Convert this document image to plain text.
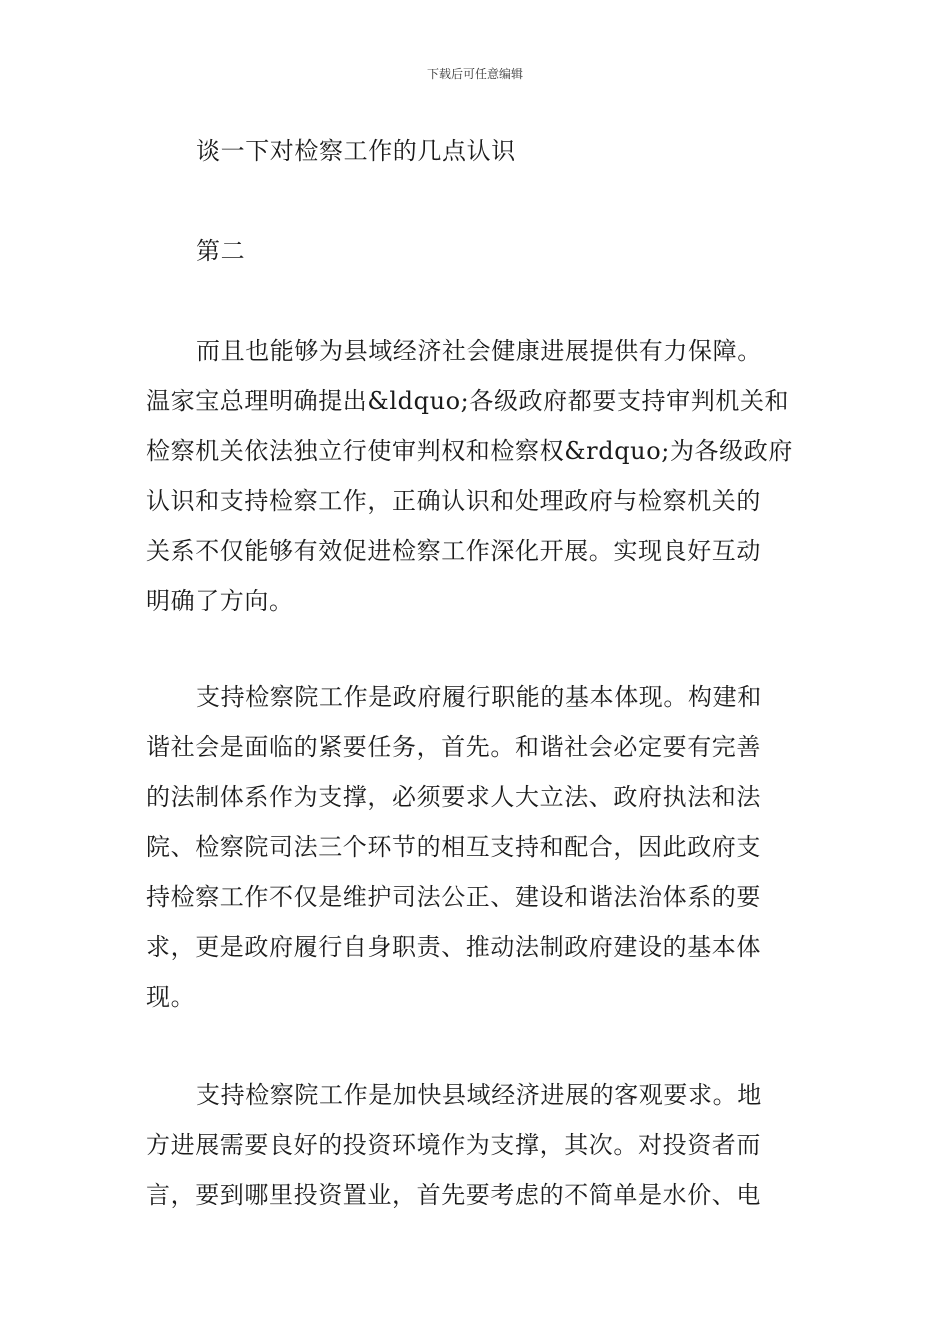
下载后可任意编辑
谈一下对检察工作的几点认识
第二
而且也能够为县域经济社会健康进展提供有力保障。
温家宝总理明确提出&ldquo;各级政府都要支持审判机关和
检察机关依法独立行使审判权和检察权&rdquo;为各级政府
认识和支持检察工作，正确认识和处理政府与检察机关的
关系不仅能够有效促进检察工作深化开展。实现良好互动
明确了方向。
支持检察院工作是政府履行职能的基本体现。构建和
谐社会是面临的紧要任务，首先。和谐社会必定要有完善
的法制体系作为支撑，必须要求人大立法、政府执法和法
院、检察院司法三个环节的相互支持和配合，因此政府支
持检察工作不仅是维护司法公正、建设和谐法治体系的要
求，更是政府履行自身职责、推动法制政府建设的基本体
现。
支持检察院工作是加快县域经济进展的客观要求。地
方进展需要良好的投资环境作为支撑，其次。对投资者而
言，要到哪里投资置业，首先要考虑的不简单是水价、电
